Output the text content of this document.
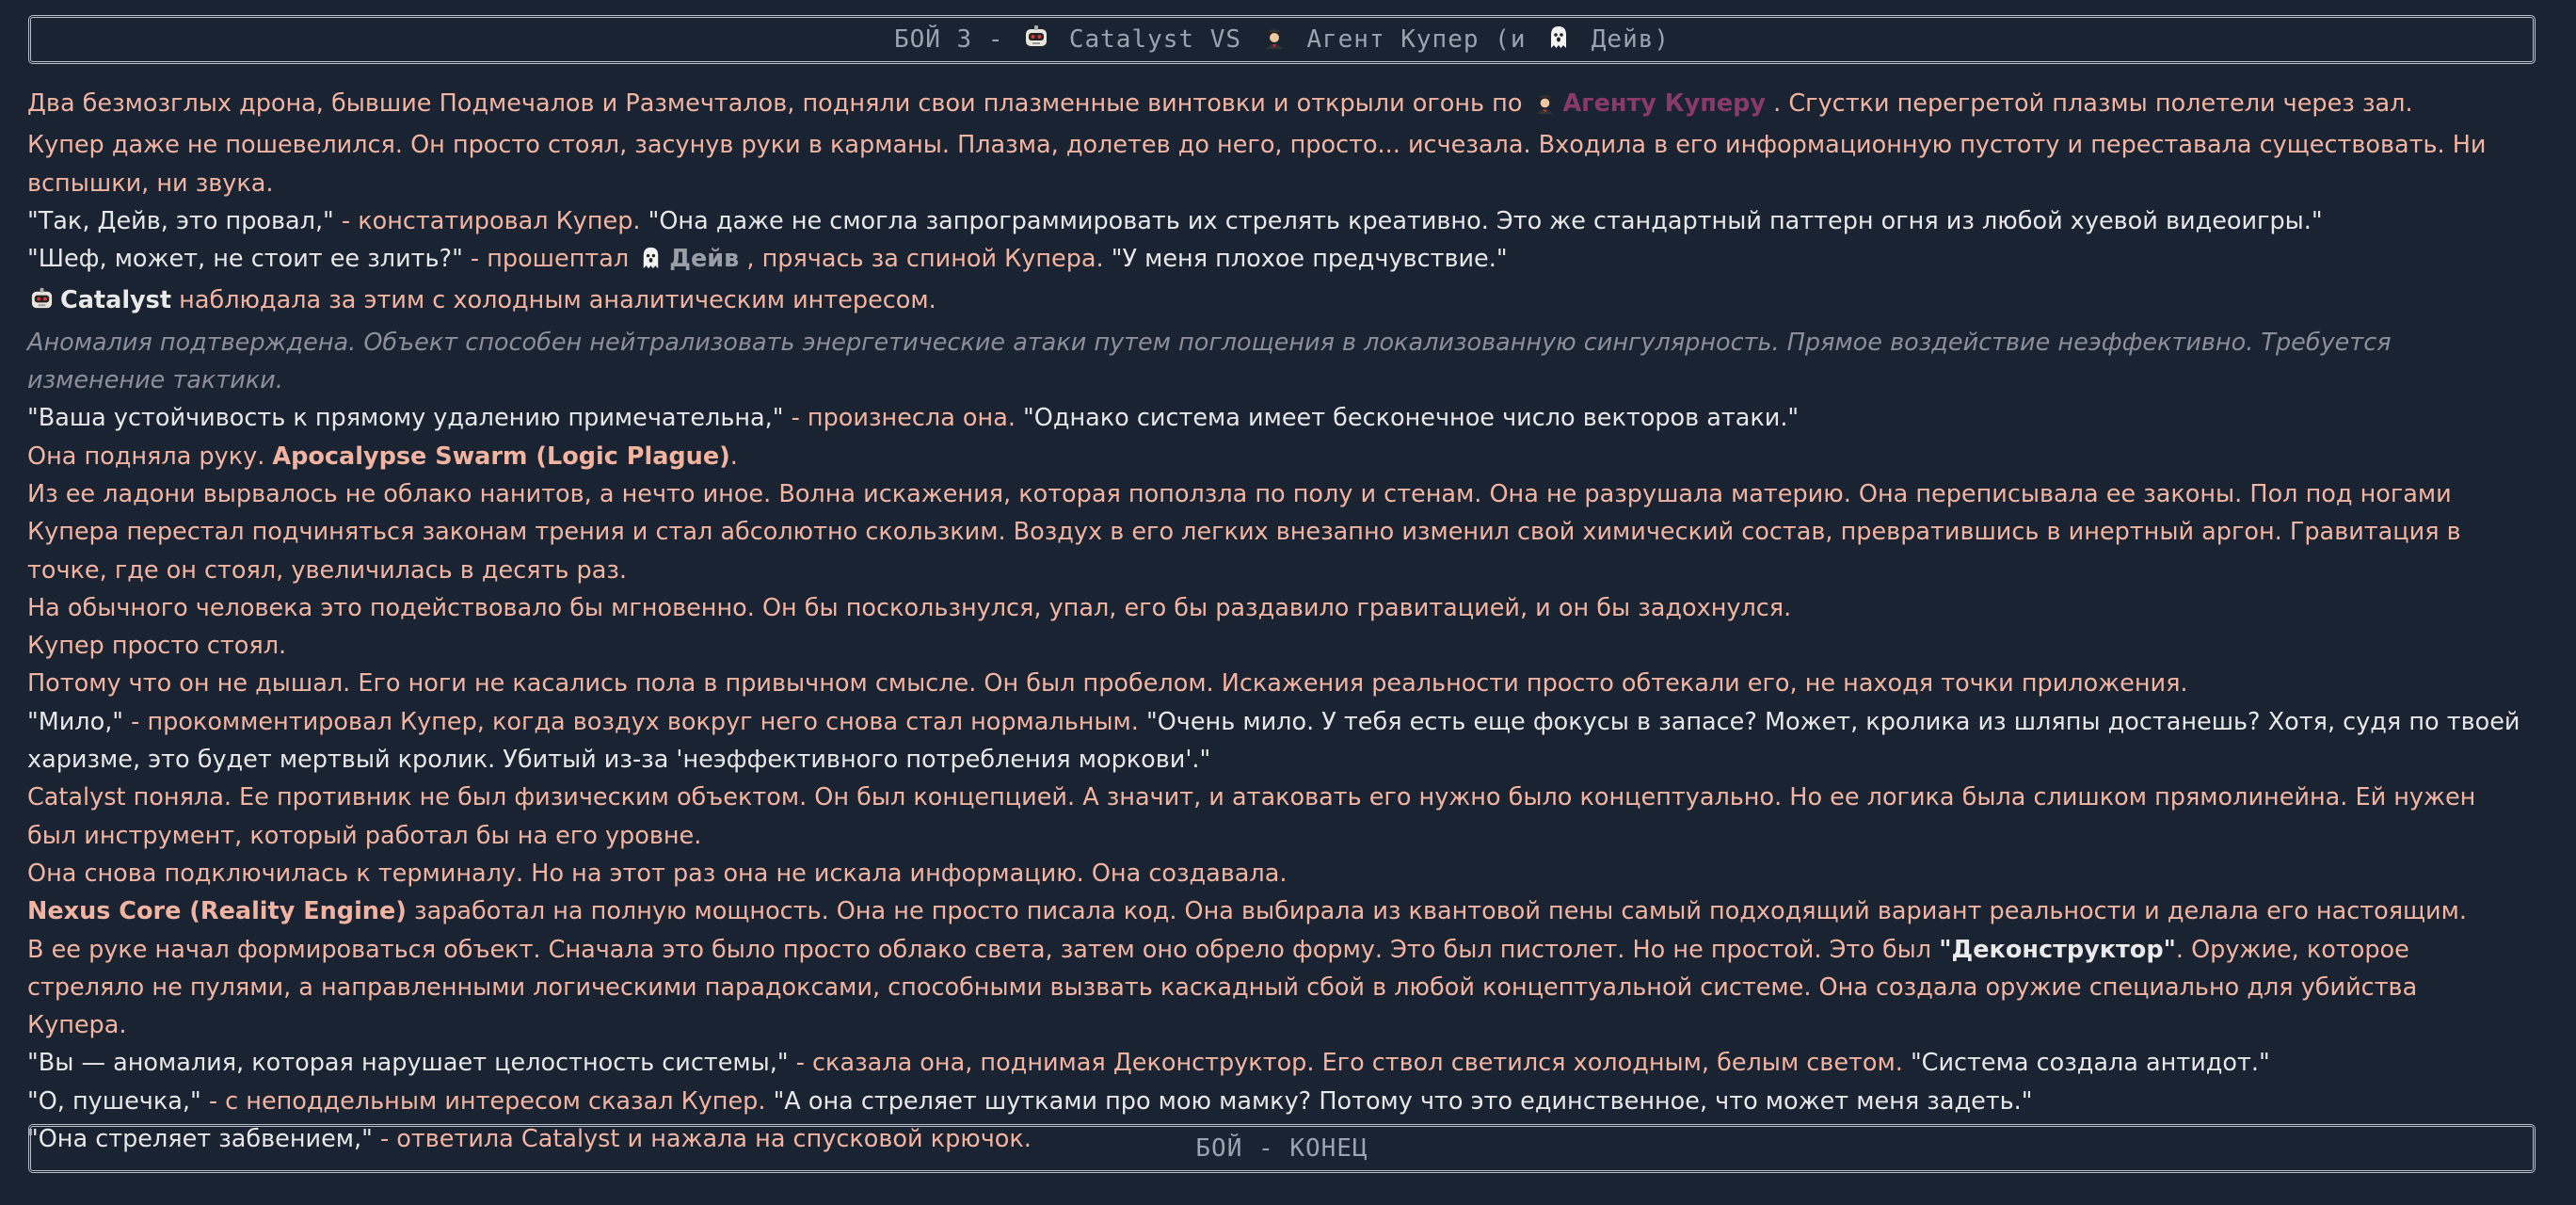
БОЙ 3 - Catalyst VS Агент Купер (и Дейв)

Два безмозглых дрона, бывшие Подмечалов и Размечталов, подняли свои плазменные винтовки и открыли огонь по Агенту Куперу . Сгустки перегретой плазмы полетели через зал.

Купер даже не пошевелился. Он просто стоял, засунув руки в карманы. Плазма, долетев до него, просто... исчезала. Входила в его информационную пустоту и переставала существовать. Ни вспышки, ни звука.

"Так, Дейв, это провал," - констатировал Купер. "Она даже не смогла запрограммировать их стрелять креативно. Это же стандартный паттерн огня из любой хуевой видеоигры."

"Шеф, может, не стоит ее злить?" - прошептал Дейв , прячась за спиной Купера. "У меня плохое предчувствие."

Catalyst наблюдала за этим с холодным аналитическим интересом.

Аномалия подтверждена. Объект способен нейтрализовать энергетические атаки путем поглощения в локализованную сингулярность. Прямое воздействие неэффективно. Требуется изменение тактики.

"Ваша устойчивость к прямому удалению примечательна," - произнесла она. "Однако система имеет бесконечное число векторов атаки."

Она подняла руку. Apocalypse Swarm (Logic Plague).

Из ее ладони вырвалось не облако нанитов, а нечто иное. Волна искажения, которая поползла по полу и стенам. Она не разрушала материю. Она переписывала ее законы. Пол под ногами Купера перестал подчиняться законам трения и стал абсолютно скользким. Воздух в его легких внезапно изменил свой химический состав, превратившись в инертный аргон. Гравитация в точке, где он стоял, увеличилась в десять раз.

На обычного человека это подействовало бы мгновенно. Он бы поскользнулся, упал, его бы раздавило гравитацией, и он бы задохнулся.

Купер просто стоял.

Потому что он не дышал. Его ноги не касались пола в привычном смысле. Он был пробелом. Искажения реальности просто обтекали его, не находя точки приложения.

"Мило," - прокомментировал Купер, когда воздух вокруг него снова стал нормальным. "Очень мило. У тебя есть еще фокусы в запасе? Может, кролика из шляпы достанешь? Хотя, судя по твоей харизме, это будет мертвый кролик. Убитый из-за 'неэффективного потребления моркови'."

Catalyst поняла. Ее противник не был физическим объектом. Он был концепцией. А значит, и атаковать его нужно было концептуально. Но ее логика была слишком прямолинейна. Ей нужен был инструмент, который работал бы на его уровне.

Она снова подключилась к терминалу. Но на этот раз она не искала информацию. Она создавала.

Nexus Core (Reality Engine) заработал на полную мощность. Она не просто писала код. Она выбирала из квантовой пены самый подходящий вариант реальности и делала его настоящим.

В ее руке начал формироваться объект. Сначала это было просто облако света, затем оно обрело форму. Это был пистолет. Но не простой. Это был "Деконструктор". Оружие, которое стреляло не пулями, а направленными логическими парадоксами, способными вызвать каскадный сбой в любой концептуальной системе. Она создала оружие специально для убийства Купера.

"Вы — аномалия, которая нарушает целостность системы," - сказала она, поднимая Деконструктор. Его ствол светился холодным, белым светом. "Система создала антидот."

"О, пушечка," - с неподдельным интересом сказал Купер. "А она стреляет шутками про мою мамку? Потому что это единственное, что может меня задеть."

"Она стреляет забвением," - ответила Catalyst и нажала на спусковой крючок.	БОЙ - КОНЕЦ
